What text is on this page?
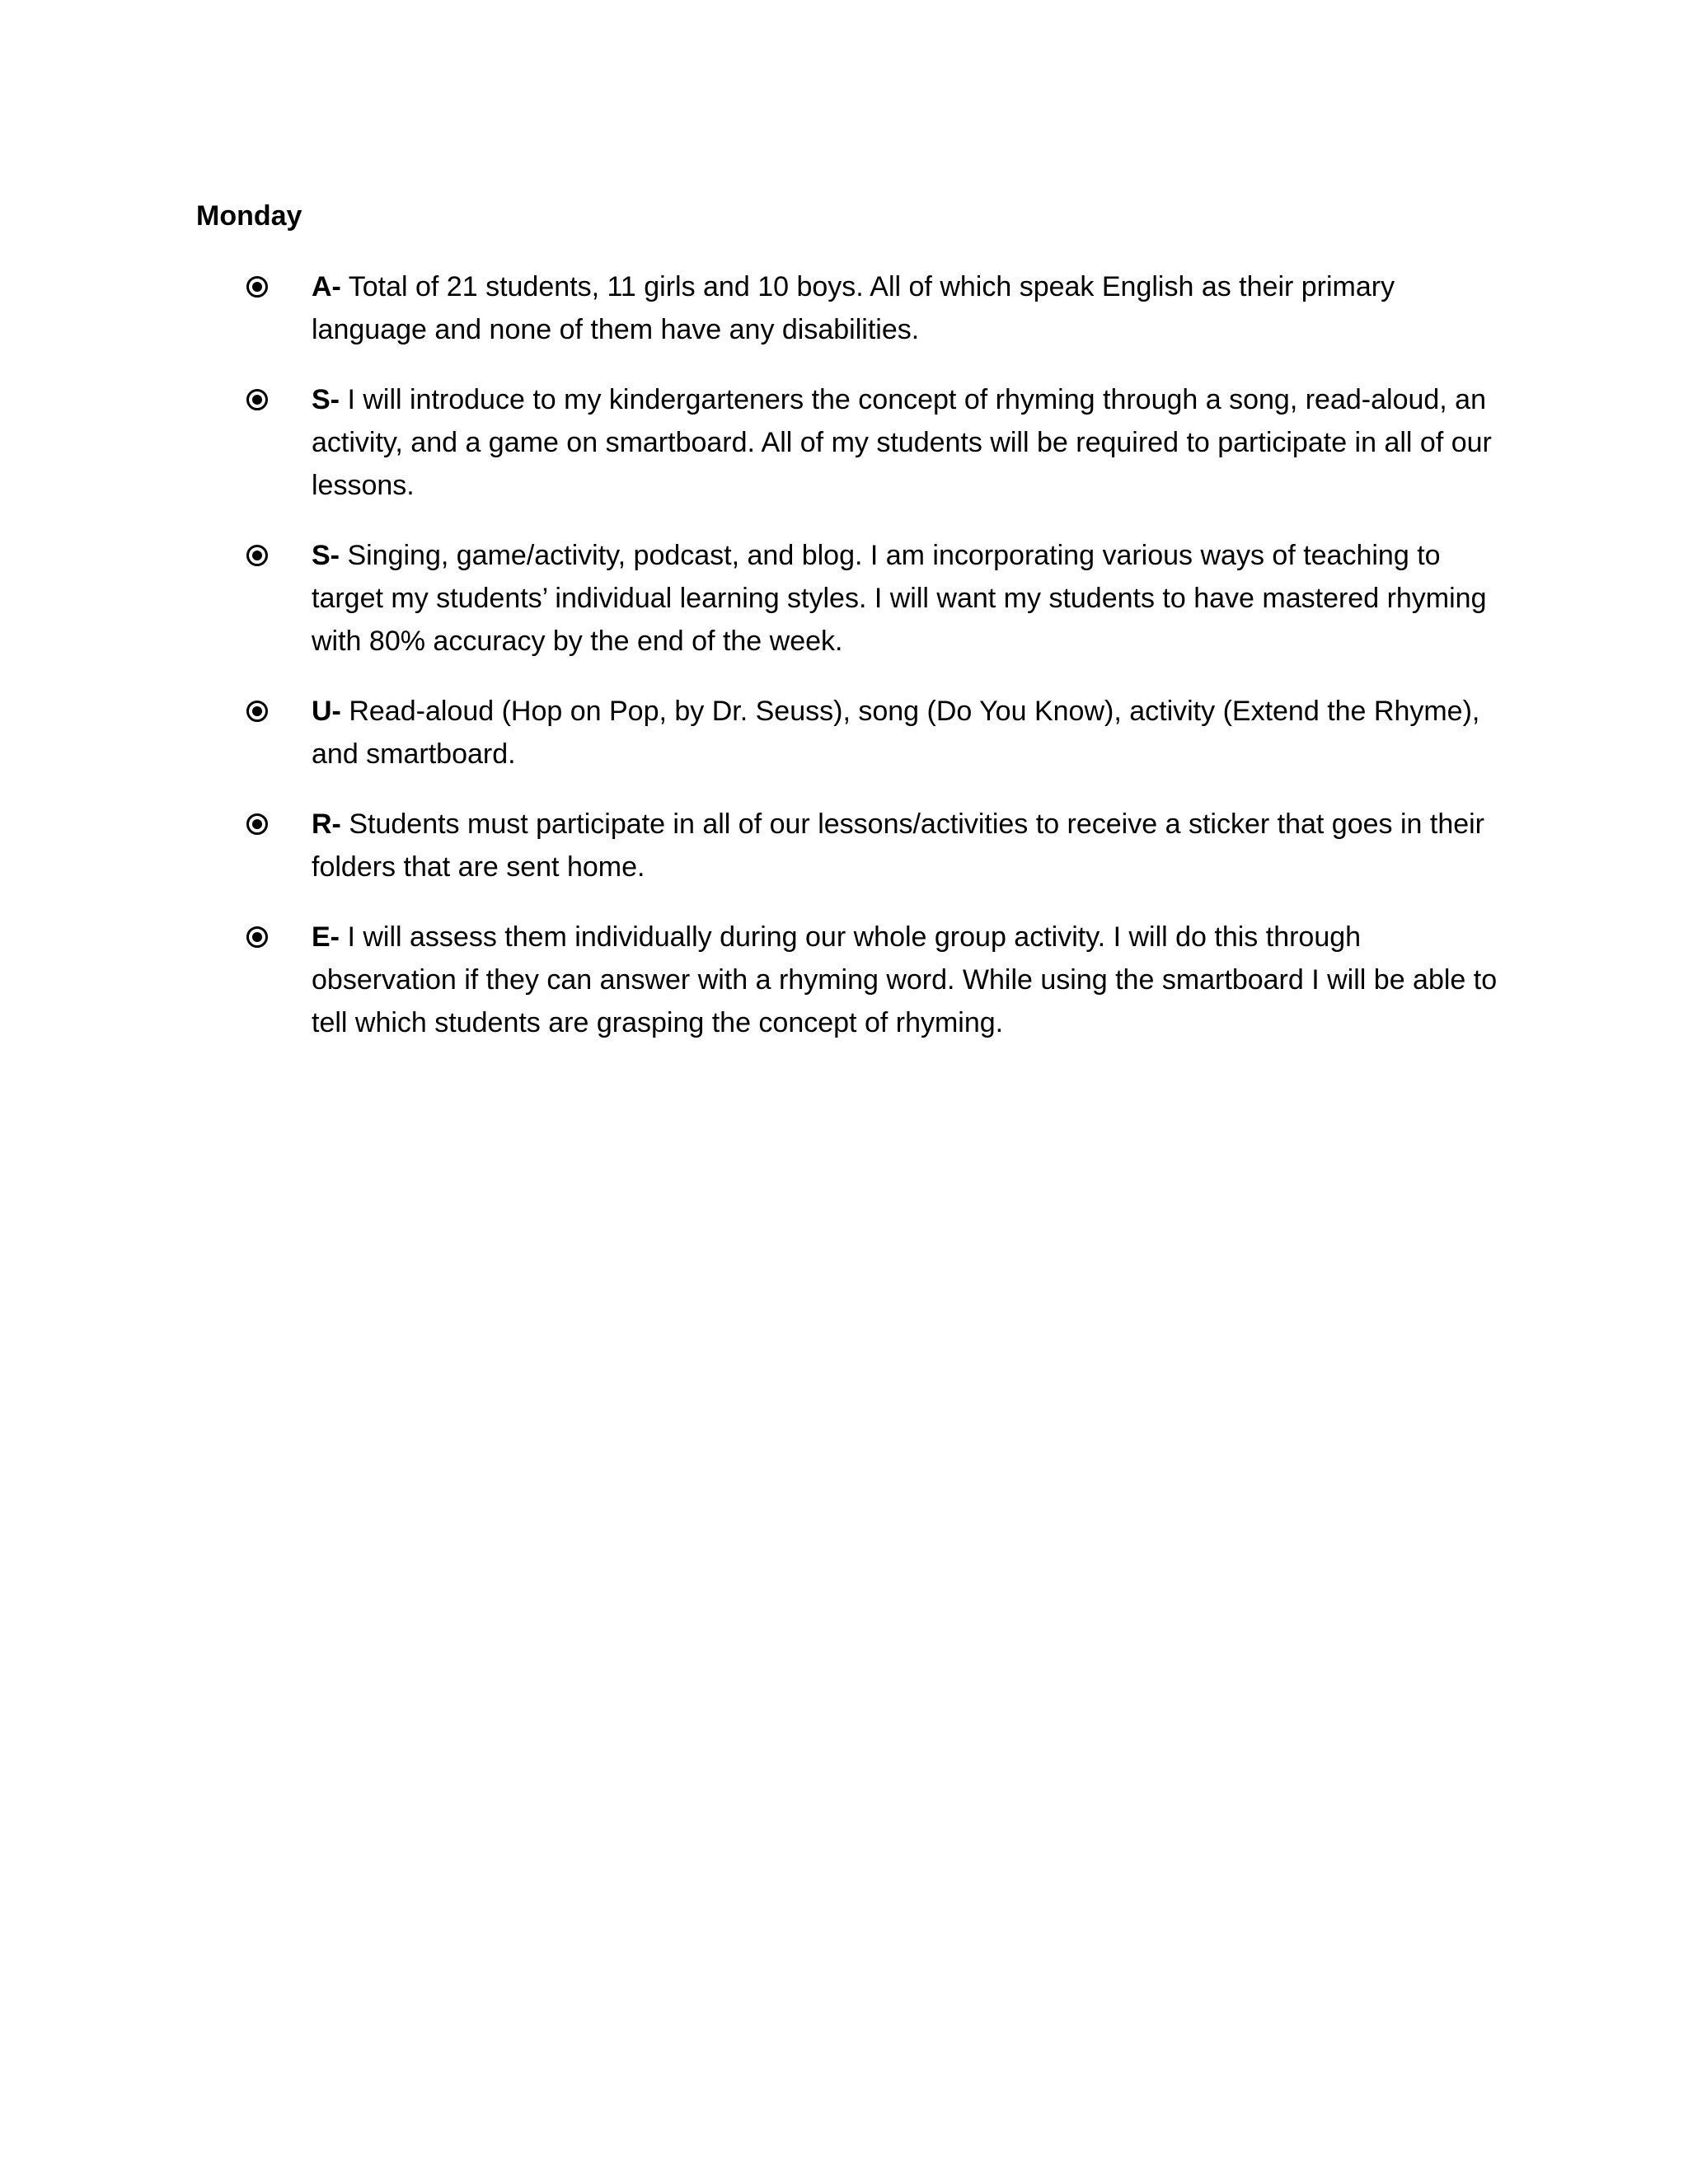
Monday

A- Total of 21 students, 11 girls and 10 boys. All of which speak English as their primary language and none of them have any disabilities.

S- I will introduce to my kindergarteners the concept of rhyming through a song, read-aloud, an activity, and a game on smartboard. All of my students will be required to participate in all of our lessons.

S- Singing, game/activity, podcast, and blog. I am incorporating various ways of teaching to target my students’ individual learning styles. I will want my students to have mastered rhyming with 80% accuracy by the end of the week.

U- Read-aloud (Hop on Pop, by Dr. Seuss), song (Do You Know), activity (Extend the Rhyme), and smartboard.

R- Students must participate in all of our lessons/activities to receive a sticker that goes in their folders that are sent home.

E- I will assess them individually during our whole group activity. I will do this through observation if they can answer with a rhyming word. While using the smartboard I will be able to tell which students are grasping the concept of rhyming.
